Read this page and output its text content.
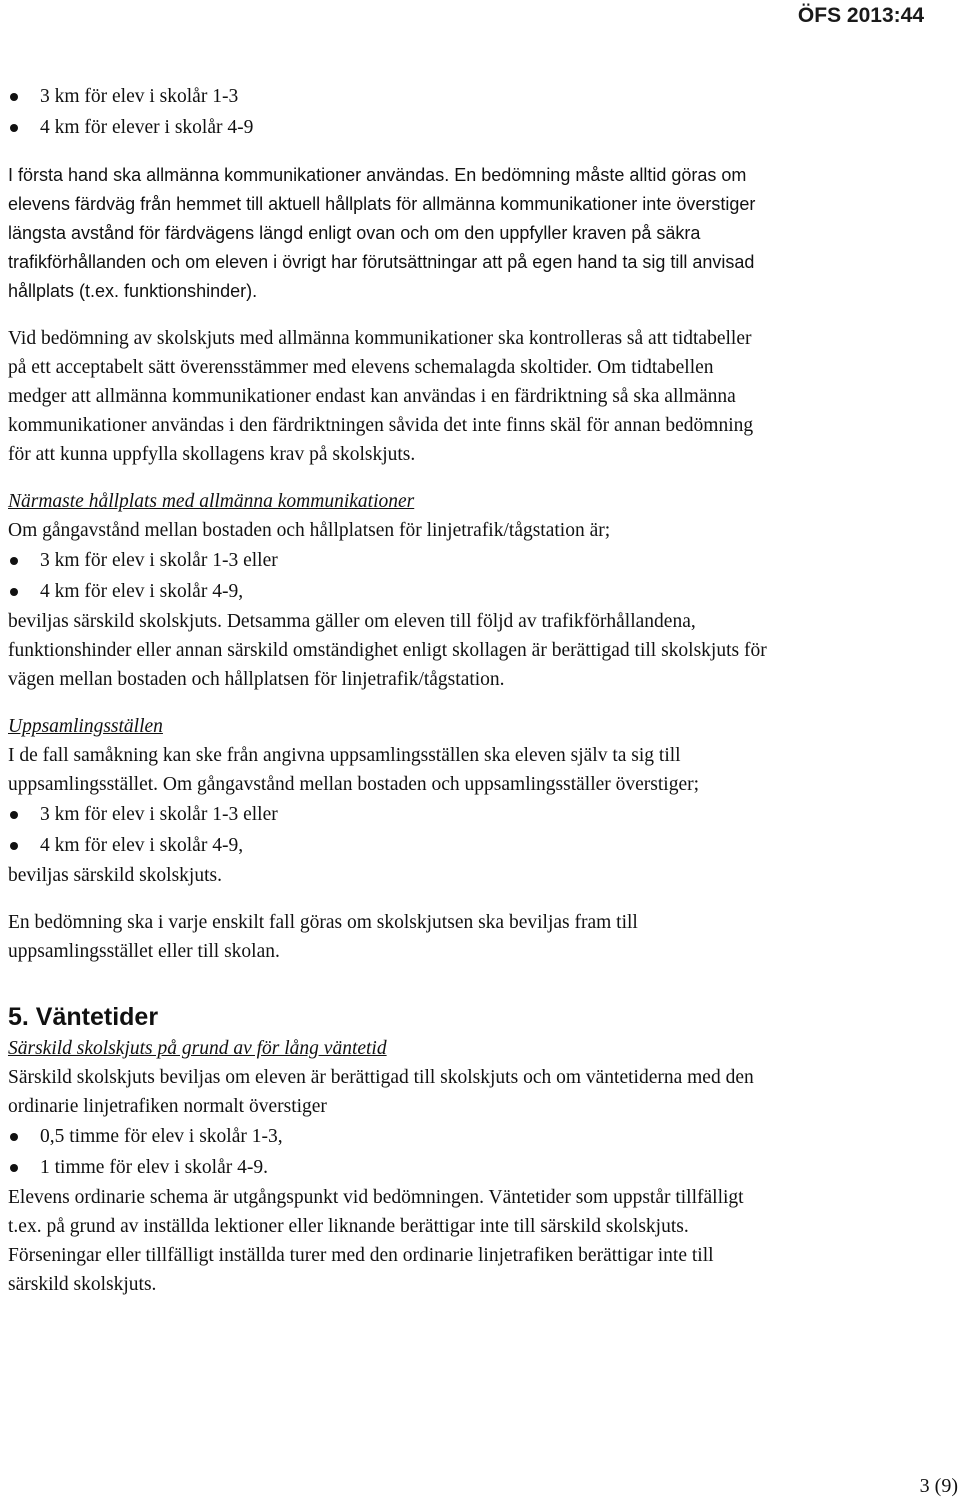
ÖFS 2013:44
3 km för elev i skolår 1-3
4 km för elever i skolår 4-9

I första hand ska allmänna kommunikationer användas. En bedömning måste alltid göras om

elevens färdväg från hemmet till aktuell hållplats för allmänna kommunikationer inte överstiger

längsta avstånd för färdvägens längd enligt ovan och om den uppfyller kraven på säkra

trafikförhållanden och om eleven i övrigt har förutsättningar att på egen hand ta sig till anvisad

hållplats (t.ex. funktionshinder).

Vid bedömning av skolskjuts med allmänna kommunikationer ska kontrolleras så att tidtabeller

på ett acceptabelt sätt överensstämmer med elevens schemalagda skoltider. Om tidtabellen

medger att allmänna kommunikationer endast kan användas i en färdriktning så ska allmänna

kommunikationer användas i den färdriktningen såvida det inte finns skäl för annan bedömning

för att kunna uppfylla skollagens krav på skolskjuts.

Närmaste hållplats med allmänna kommunikationer

Om gångavstånd mellan bostaden och hållplatsen för linjetrafik/tågstation är;

3 km för elev i skolår 1-3 eller
4 km för elev i skolår 4-9,

beviljas särskild skolskjuts. Detsamma gäller om eleven till följd av trafikförhållandena,

funktionshinder eller annan särskild omständighet enligt skollagen är berättigad till skolskjuts för

vägen mellan bostaden och hållplatsen för linjetrafik/tågstation.

Uppsamlingsställen

I de fall samåkning kan ske från angivna uppsamlingsställen ska eleven själv ta sig till

uppsamlingsstället. Om gångavstånd mellan bostaden och uppsamlingsställer överstiger;

3 km för elev i skolår 1-3 eller
4 km för elev i skolår 4-9,

beviljas särskild skolskjuts.

En bedömning ska i varje enskilt fall göras om skolskjutsen ska beviljas fram till

uppsamlingsstället eller till skolan.

5. Väntetider

Särskild skolskjuts på grund av för lång väntetid

Särskild skolskjuts beviljas om eleven är berättigad till skolskjuts och om väntetiderna med den

ordinarie linjetrafiken normalt överstiger

0,5 timme för elev i skolår 1-3,
1 timme för elev i skolår 4-9.

Elevens ordinarie schema är utgångspunkt vid bedömningen. Väntetider som uppstår tillfälligt

t.ex. på grund av inställda lektioner eller liknande berättigar inte till särskild skolskjuts.

Förseningar eller tillfälligt inställda turer med den ordinarie linjetrafiken berättigar inte till

särskild skolskjuts.

3 (9)
